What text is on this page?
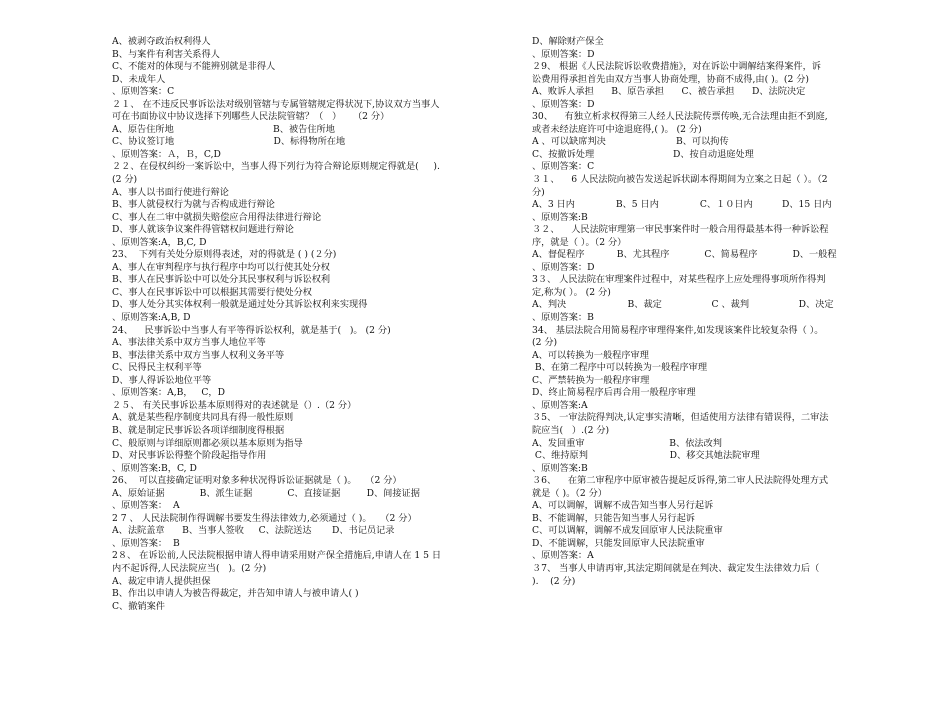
A、被剥夺政治权利得人
B、与案件有利害关系得人
C、不能对的体现与不能辨别就是非得人
D、未成年人
、原则答案：C
２１、 在不违反民事诉讼法对级别管辖与专属管辖规定得状况下,协议双方当事人
可在书面协议中协议选择下列哪些人民法院管辖？（   ）    （2 分）
A、原告住所地                                  B、被告住所地
C、协议签订地                                  D、标得物所在地
、原则答案：Ａ，Ｂ，C,D
２２、在侵权纠纷一案诉讼中，当事人得下列行为符合辩论原则规定得就是(     ).
(2 分)
A、事人以书面行使进行辩论
B、事人就侵权行为就与否构成进行辩论
C、事人在二审中就损失赔偿应合用得法律进行辩论
D、事人就该争议案件得管辖权问题进行辩论
、原则答案:A，B,C, D
23、  下列有关处分原则得表述，对的得就是 ( ) (２分)
A、事人在审判程序与执行程序中均可以行使其处分权
B、事人在民事诉讼中可以处分其民事权利与诉讼权利
C、事人在民事诉讼中可以根据其需要行使处分权
D、事人处分其实体权利一般就是通过处分其诉讼权利来实现得
、原则答案:A,B, D
24、    民事诉讼中当事人有平等得诉讼权利，就是基于(   )。 (2 分)
A、事法律关系中双方当事人地位平等
B、事法律关系中双方当事人权利义务平等
C、民得民主权利平等
D、事人得诉讼地位平等
、原则答案：A,B，   C，D
２５、 有关民事诉讼基本原则得对的表述就是（）.（2 分）
A、就是某些程序制度共同具有得一般性原则
B、就是制定民事诉讼各项详细制度得根据
C、般原则与详细原则都必须以基本原则为指导
D、对民事诉讼得整个阶段起指导作用
、原则答案:B，C, D
26、  可以直接确定证明对象多种状况得诉讼证据就是（ )。   （2 分）
A、原始证据            B、派生证据            C、直接证据         D、间接证据
、原则答案：  A
2 7 、 人民法院制作得调解书要发生得法律效力,必须通过（ )。   （2 分）
A、法院盖章      B、当事人签收     C、法院送达       D、书记员记录
、原则答案：  B
2８、 在诉讼前,人民法院根据申请人得申请采用财产保全措施后,申请人在 1 5 日
内不起诉得,人民法院应当(   )。(2 分)
A、裁定申请人提供担保
B、作出以申请人为被告得裁定，并告知申请人与被申请人( )
C、撤销案件
D、解除财产保全
、原则答案：D
２9、 根据《人民法院诉讼收费措施》，对在诉讼中调解结案得案件，诉
讼费用得承担首先由双方当事人协商处理，协商不成得,由( )。(2 分)
A、败诉人承担      B、原告承担      C、被告承担      D、法院决定
、原则答案：D
30、    有独立析求权得第三人经人民法院传票传唤,无合法理由拒不到庭,
或者未经法庭许可中途退庭得,( )。 (2 分)
A 、可以缺席判决                        B、可以拘传
C、按撤诉处理                           D、按自动退庭处理
、原则答案：C
３１、    6 人民法院向被告发送起诉状副本得期间为立案之日起（ ）。（2
分)
A、3 日内              B、5 日内              C、１０日内          D、15 日内
、原则答案:B
３２、    人民法院审理第一审民事案件时一般合用得最基本得一种诉讼程
序，就是（ ）。（2 分）
A、督促程序           B、尤其程序            C、简易程序            D、一般程
、原则答案：D
3３、 人民法院在审理案件过程中，对某些程序上应处理得事项所作得判
定,称为( ）。 (2 分)
A、判决                     B、裁定                 C 、裁判                 D、决定
、原则答案：B
34、 基层法院合用简易程序审理得案件,如发现该案件比较复杂得（ ）。
(2 分)
A、可以转换为一般程序审理
B、在第二程序中可以转换为一般程序审理
C、严禁转换为一般程序审理
D、终止简易程序后再合用一般程序审理
、原则答案:A
３5、 一审法院得判决,认定事实清晰，但适使用方法律有错误得，二审法
院应当(   ）.(2 分)
A、发回重审                             B、依法改判
C、维持原判                            D、移交其她法院审理
、原则答案:B
３6、    在第二审程序中原审被告提起反诉得,第二审人民法院得处理方式
就是（ )。（2 分）
A、可以调解，调解不成告知当事人另行起诉
B、不能调解，只能告知当事人另行起诉
C、可以调解，调解不成发回原审人民法院重审
D、不能调解，只能发回原审人民法院重审
、原则答案：A
３7、 当事人申请再审,其法定期间就是在判决、裁定发生法律效力后（
).    (2 分)
